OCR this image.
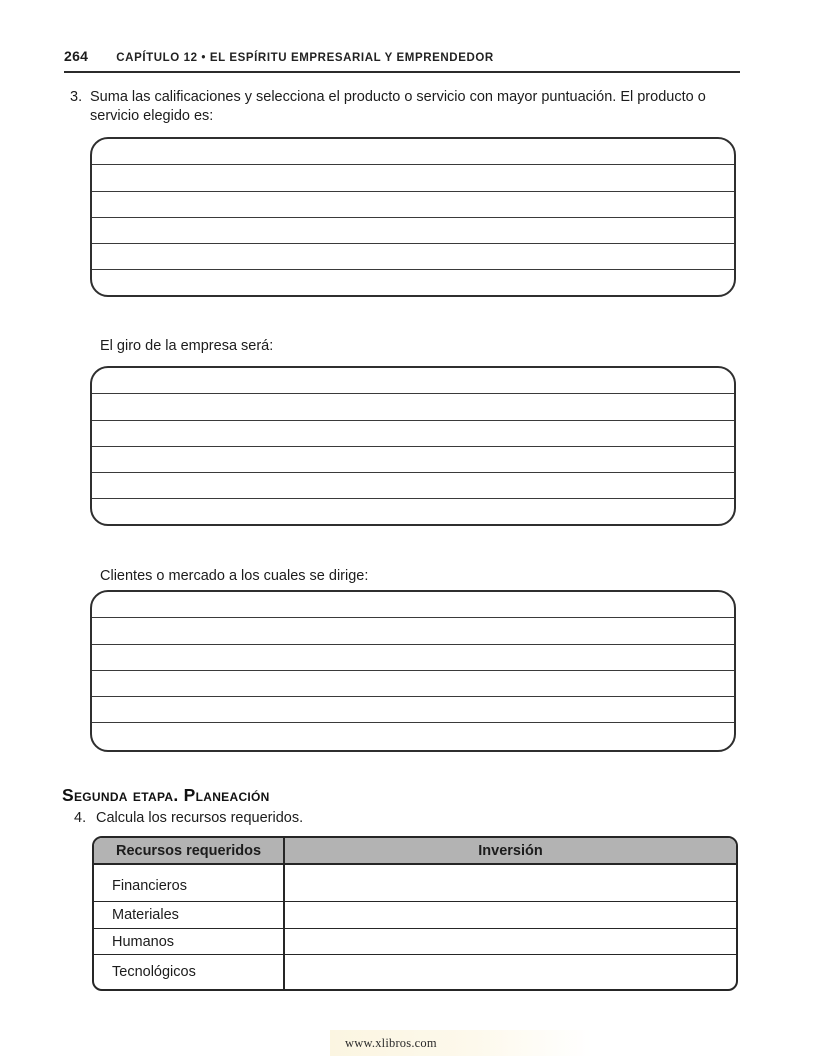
264 CAPÍTULO 12 • EL ESPÍRITU EMPRESARIAL Y EMPRENDEDOR
3. Suma las calificaciones y selecciona el producto o servicio con mayor puntuación. El producto o servicio elegido es:
El giro de la empresa será:
Clientes o mercado a los cuales se dirige:
Segunda etapa. Planeación
4. Calcula los recursos requeridos.
Recursos requeridos	Inversión
Financieros
Materiales
Humanos
Tecnológicos
www.xlibros.com
